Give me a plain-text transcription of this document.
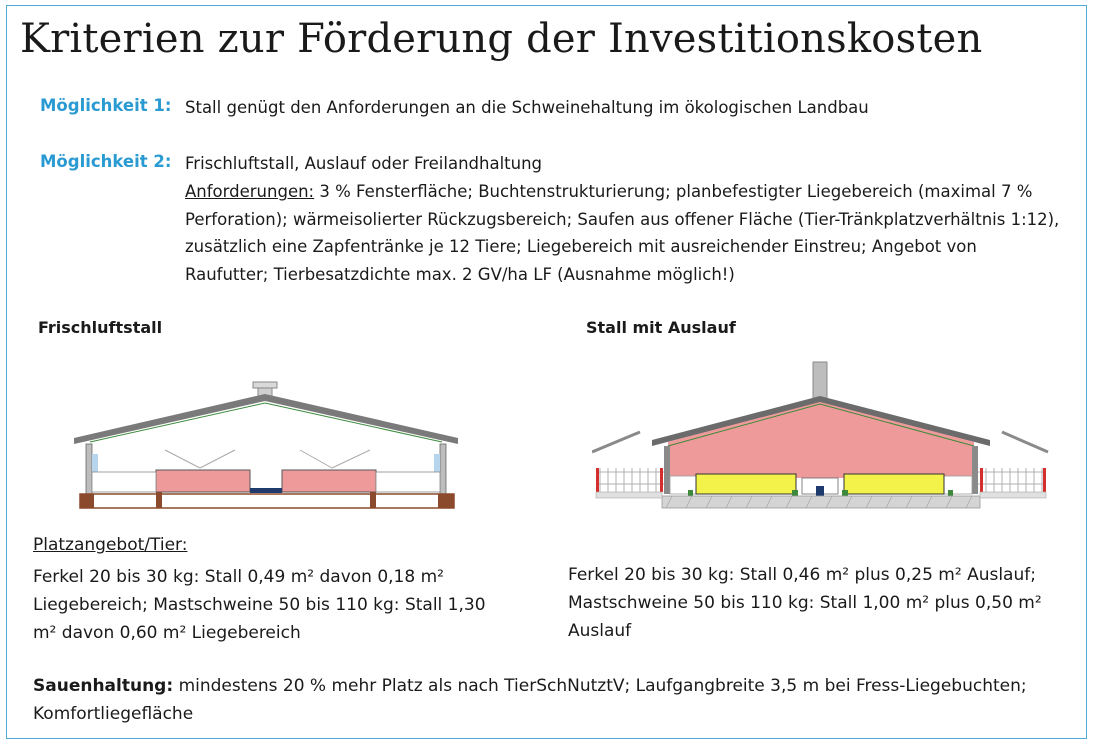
Kriterien zur Förderung der Investitionskosten
Möglichkeit 1: Stall genügt den Anforderungen an die Schweinehaltung im ökologischen Landbau
Möglichkeit 2: Frischluftstall, Auslauf oder Freilandhaltung
Anforderungen: 3 % Fensterfläche; Buchtenstrukturierung; planbefestigter Liegebereich (maximal 7 % Perforation); wärmeisolierter Rückzugsbereich; Saufen aus offener Fläche (Tier-Tränkplatzverhältnis 1:12), zusätzlich eine Zapfentränke je 12 Tiere; Liegebereich mit ausreichender Einstreu; Angebot von Raufutter; Tierbesatzdichte max. 2 GV/ha LF (Ausnahme möglich!)
Frischluftstall	Stall mit Auslauf
Platzangebot/Tier:
Ferkel 20 bis 30 kg: Stall 0,49 m² davon 0,18 m² Liegebereich; Mastschweine 50 bis 110 kg: Stall 1,30 m² davon 0,60 m² Liegebereich
Ferkel 20 bis 30 kg: Stall 0,46 m² plus 0,25 m² Auslauf; Mastschweine 50 bis 110 kg: Stall 1,00 m² plus 0,50 m² Auslauf
Sauenhaltung: mindestens 20 % mehr Platz als nach TierSchNutztV; Laufgangbreite 3,5 m bei Fress-Liegebuchten; Komfortliegefläche
